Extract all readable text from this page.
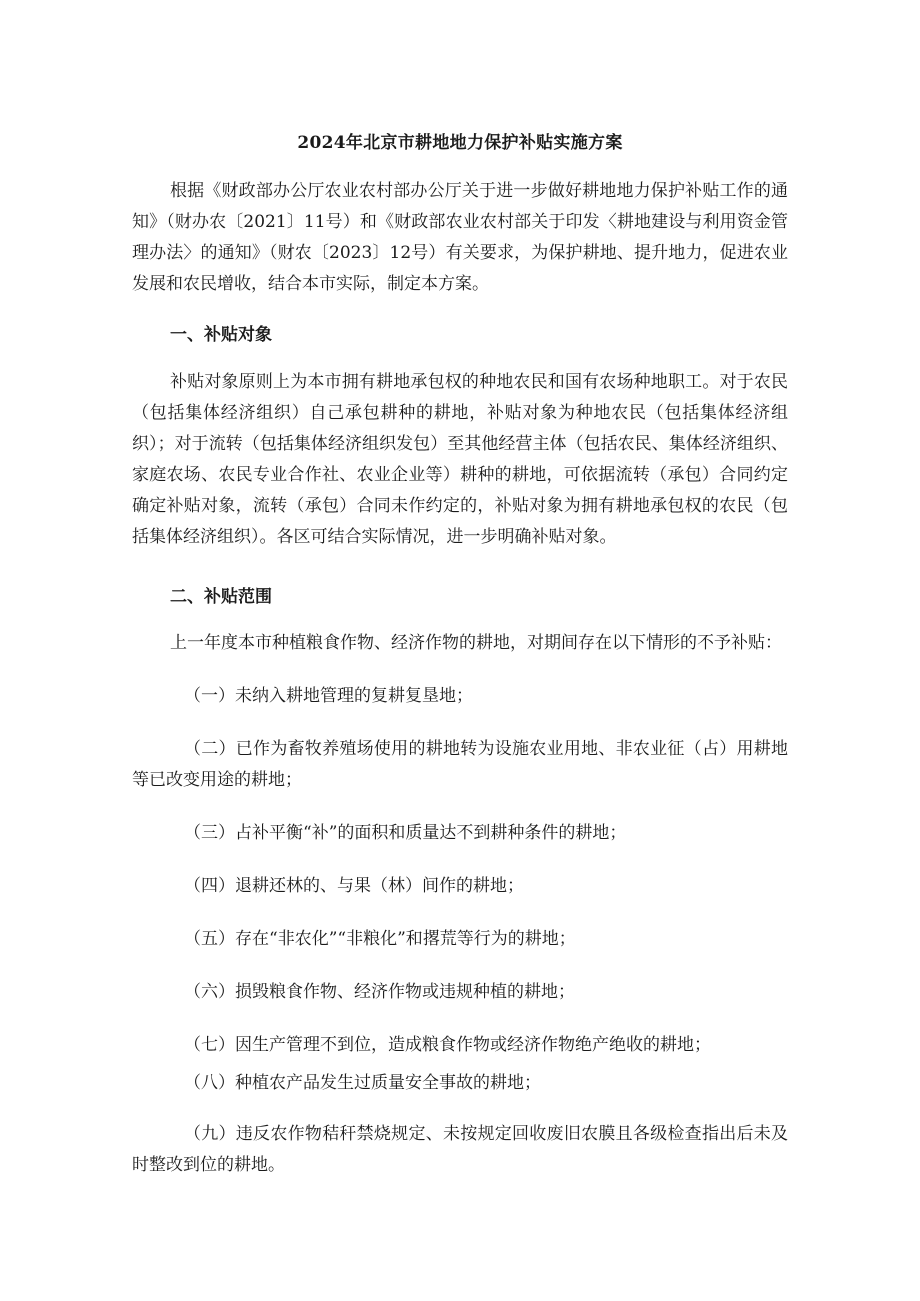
2024年北京市耕地地力保护补贴实施方案

根据《财政部办公厅农业农村部办公厅关于进一步做好耕地地力保护补贴工作的通知》（财办农〔2021〕11号）和《财政部农业农村部关于印发〈耕地建设与利用资金管理办法〉的通知》（财农〔2023〕12号）有关要求，为保护耕地、提升地力，促进农业发展和农民增收，结合本市实际，制定本方案。

一、补贴对象

补贴对象原则上为本市拥有耕地承包权的种地农民和国有农场种地职工。对于农民（包括集体经济组织）自己承包耕种的耕地，补贴对象为种地农民（包括集体经济组织）；对于流转（包括集体经济组织发包）至其他经营主体（包括农民、集体经济组织、家庭农场、农民专业合作社、农业企业等）耕种的耕地，可依据流转（承包）合同约定确定补贴对象，流转（承包）合同未作约定的，补贴对象为拥有耕地承包权的农民（包括集体经济组织）。各区可结合实际情况，进一步明确补贴对象。

二、补贴范围

上一年度本市种植粮食作物、经济作物的耕地，对期间存在以下情形的不予补贴：

（一）未纳入耕地管理的复耕复垦地；

（二）已作为畜牧养殖场使用的耕地转为设施农业用地、非农业征（占）用耕地等已改变用途的耕地；

（三）占补平衡“补”的面积和质量达不到耕种条件的耕地；

（四）退耕还林的、与果（林）间作的耕地；

（五）存在“非农化”“非粮化”和撂荒等行为的耕地；

（六）损毁粮食作物、经济作物或违规种植的耕地；

（七）因生产管理不到位，造成粮食作物或经济作物绝产绝收的耕地；

（八）种植农产品发生过质量安全事故的耕地；

（九）违反农作物秸秆禁烧规定、未按规定回收废旧农膜且各级检查指出后未及时整改到位的耕地。
